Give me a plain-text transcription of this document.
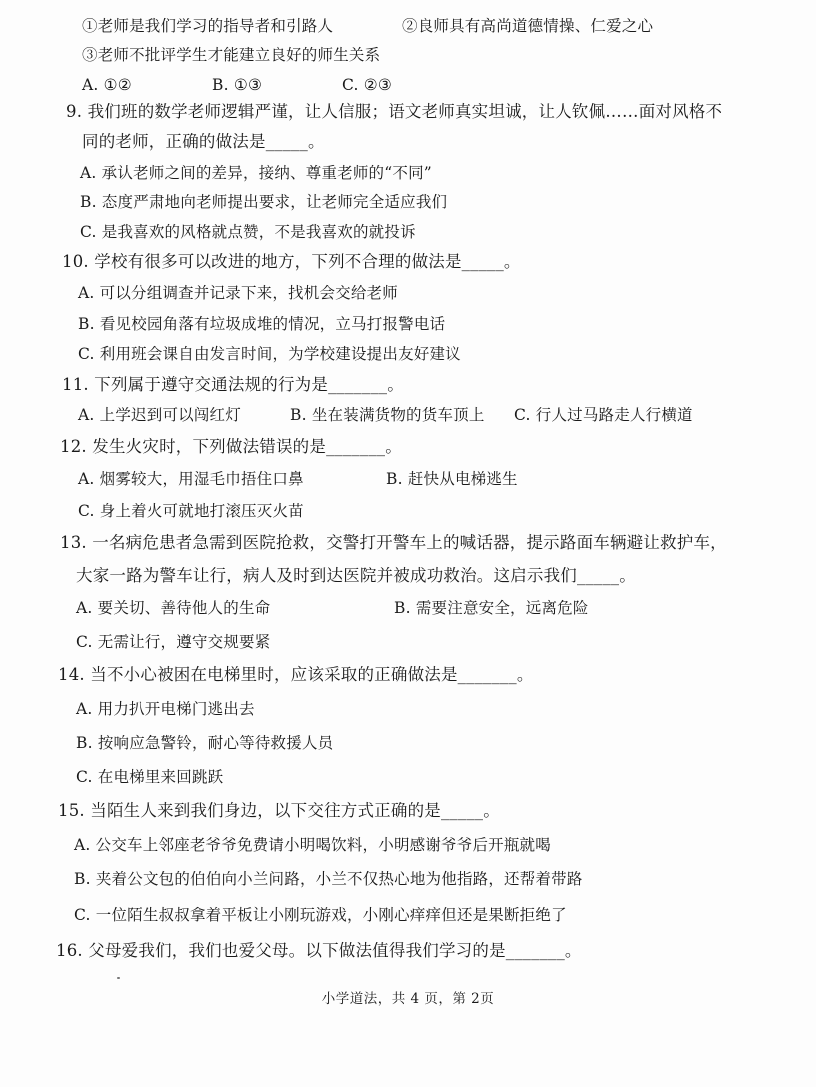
①老师是我们学习的指导者和引路人	②良师具有高尚道德情操、仁爱之心
③老师不批评学生才能建立良好的师生关系
A. ①②	B. ①③	C. ②③
9. 我们班的数学老师逻辑严谨，让人信服；语文老师真实坦诚，让人钦佩……面对风格不
同的老师，正确的做法是_____。
A. 承认老师之间的差异，接纳、尊重老师的“不同”
B. 态度严肃地向老师提出要求，让老师完全适应我们
C. 是我喜欢的风格就点赞，不是我喜欢的就投诉
10. 学校有很多可以改进的地方，下列不合理的做法是_____。
A. 可以分组调查并记录下来，找机会交给老师
B. 看见校园角落有垃圾成堆的情况，立马打报警电话
C. 利用班会课自由发言时间，为学校建设提出友好建议
11. 下列属于遵守交通法规的行为是_______。
A. 上学迟到可以闯红灯	B. 坐在装满货物的货车顶上 C. 行人过马路走人行横道
12. 发生火灾时，下列做法错误的是_______。
A. 烟雾较大，用湿毛巾捂住口鼻	B. 赶快从电梯逃生
C. 身上着火可就地打滚压灭火苗
13. 一名病危患者急需到医院抢救，交警打开警车上的喊话器，提示路面车辆避让救护车，
大家一路为警车让行，病人及时到达医院并被成功救治。这启示我们_____。
A. 要关切、善待他人的生命	B. 需要注意安全，远离危险
C. 无需让行，遵守交规要紧
14. 当不小心被困在电梯里时，应该采取的正确做法是_______。
A. 用力扒开电梯门逃出去
B. 按响应急警铃，耐心等待救援人员
C. 在电梯里来回跳跃
15. 当陌生人来到我们身边，以下交往方式正确的是_____。
A. 公交车上邻座老爷爷免费请小明喝饮料，小明感谢爷爷后开瓶就喝
B. 夹着公文包的伯伯向小兰问路，小兰不仅热心地为他指路，还帮着带路
C. 一位陌生叔叔拿着平板让小刚玩游戏，小刚心痒痒但还是果断拒绝了
16. 父母爱我们，我们也爱父母。以下做法值得我们学习的是_______。
小学道法，共 4 页，第 2页
